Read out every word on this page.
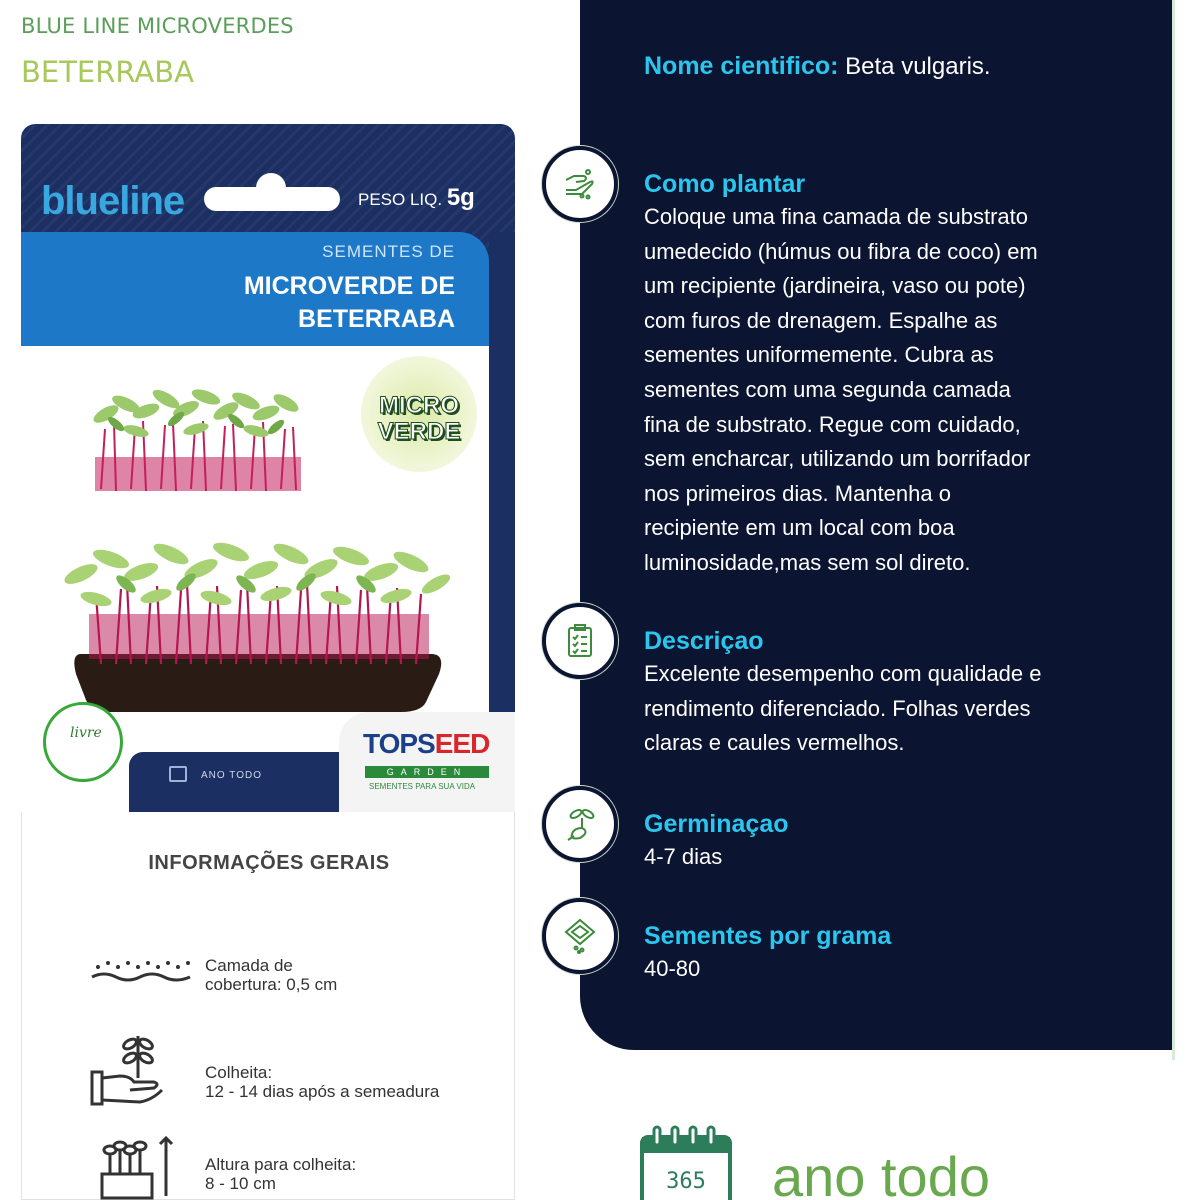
BLUE LINE MICROVERDES
BETERRABA
blueline	PESO LIQ. 5g
SEMENTES DE
MICROVERDE DE
BETERRABA
MICRO
VERDE
livre
ANO TODO
TOPSEED
GARDEN
SEMENTES PARA SUA VIDA
INFORMAÇÕES GERAIS
Camada de
cobertura: 0,5 cm
Colheita:
12 - 14 dias após a semeadura
Altura para colheita:
8 - 10 cm
Nome cientifico: Beta vulgaris.
Como plantar
Coloque uma fina camada de substrato
umedecido (húmus ou fibra de coco) em
um recipiente (jardineira, vaso ou pote)
com furos de drenagem. Espalhe as
sementes uniformemente. Cubra as
sementes com uma segunda camada
fina de substrato. Regue com cuidado,
sem encharcar, utilizando um borrifador
nos primeiros dias. Mantenha o
recipiente em um local com boa
luminosidade,mas sem sol direto.
Descriçao
Excelente desempenho com qualidade e
rendimento diferenciado. Folhas verdes
claras e caules vermelhos.
Germinaçao
4-7 dias
Sementes por grama
40-80
365 ano todo
